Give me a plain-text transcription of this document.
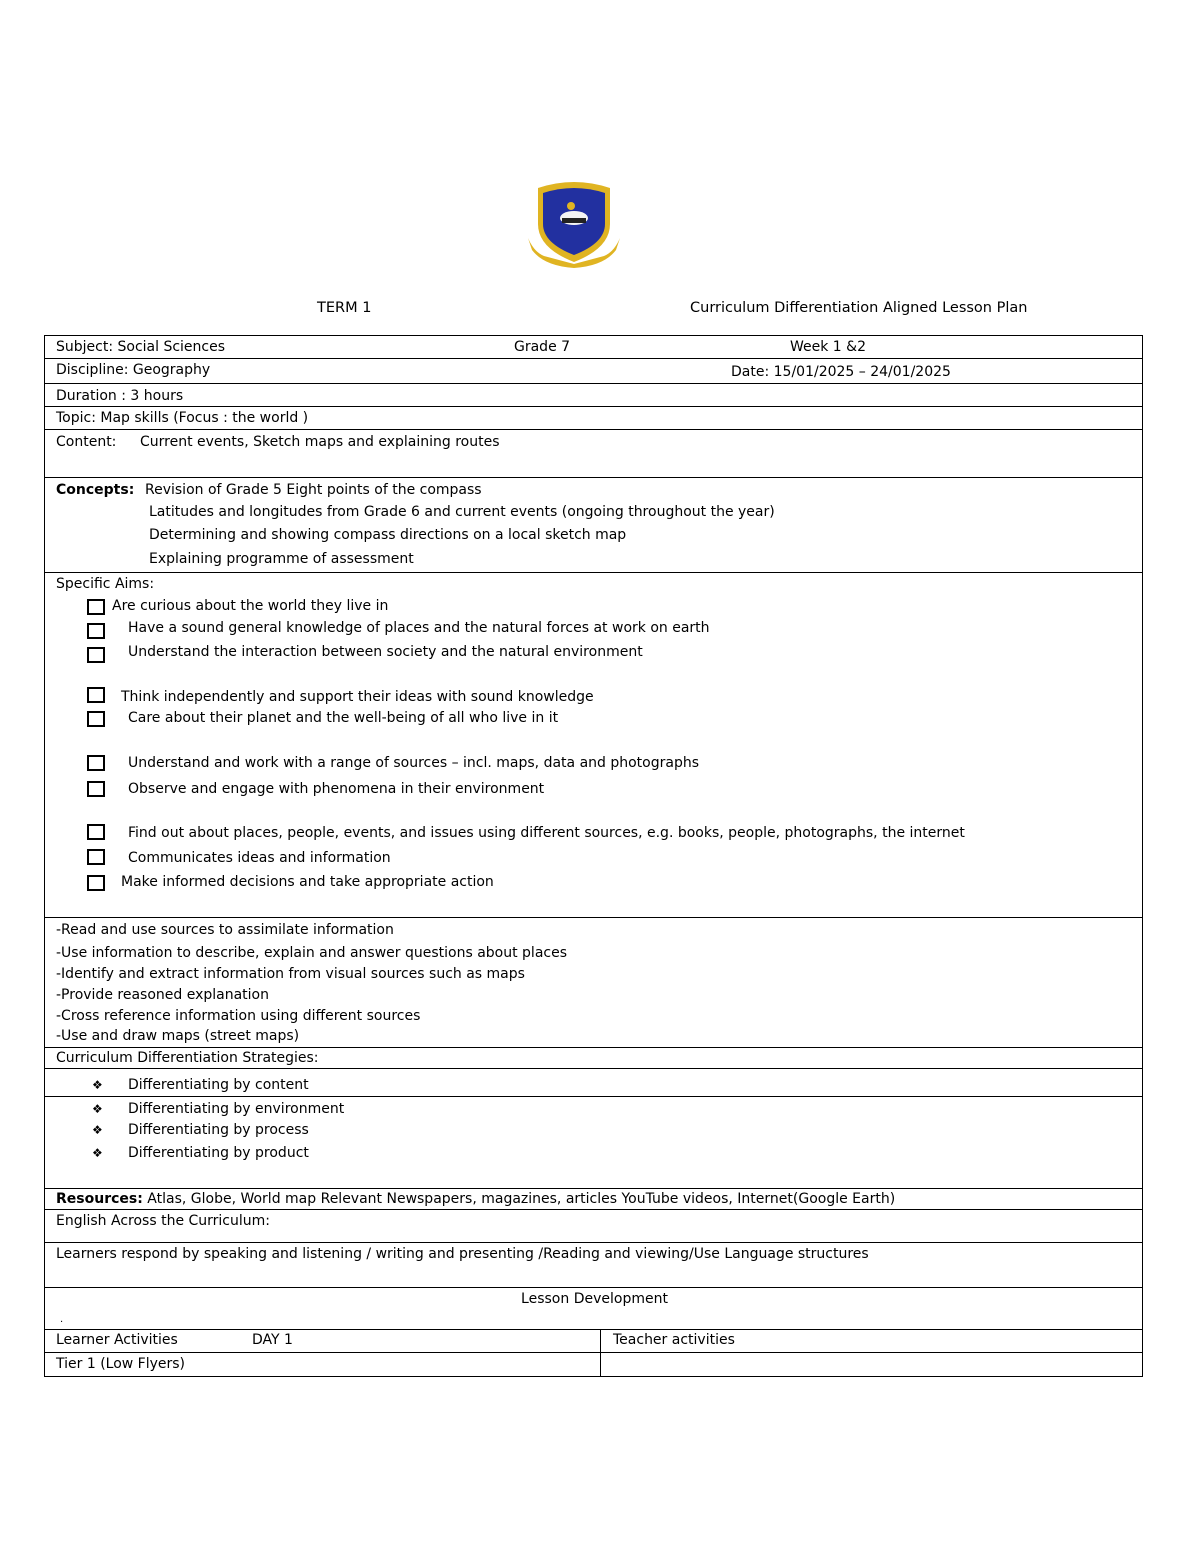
TERM 1	Curriculum Differentiation Aligned Lesson Plan
Subject: Social Sciences	Grade 7	Week 1 &2
Discipline: Geography	Date: 15/01/2025 – 24/01/2025
Duration : 3 hours
Topic: Map skills (Focus : the world )
Content: Current events, Sketch maps and explaining routes
Concepts: Revision of Grade 5 Eight points of the compass
Latitudes and longitudes from Grade 6 and current events (ongoing throughout the year)
Determining and showing compass directions on a local sketch map
Explaining programme of assessment
Specific Aims:
Are curious about the world they live in
Have a sound general knowledge of places and the natural forces at work on earth
Understand the interaction between society and the natural environment
Think independently and support their ideas with sound knowledge
Care about their planet and the well-being of all who live in it
Understand and work with a range of sources – incl. maps, data and photographs
Observe and engage with phenomena in their environment
Find out about places, people, events, and issues using different sources, e.g. books, people, photographs, the internet
Communicates ideas and information
Make informed decisions and take appropriate action
-Read and use sources to assimilate information
-Use information to describe, explain and answer questions about places
-Identify and extract information from visual sources such as maps
-Provide reasoned explanation
-Cross reference information using different sources
-Use and draw maps (street maps)
Curriculum Differentiation Strategies:
❖ Differentiating by content
❖ Differentiating by environment
❖ Differentiating by process
❖ Differentiating by product
Resources: Atlas, Globe, World map Relevant Newspapers, magazines, articles YouTube videos, Internet(Google Earth)
English Across the Curriculum:
Learners respond by speaking and listening / writing and presenting /Reading and viewing/Use Language structures
Lesson Development
.
Learner Activities	DAY 1	Teacher activities
Tier 1 (Low Flyers)
